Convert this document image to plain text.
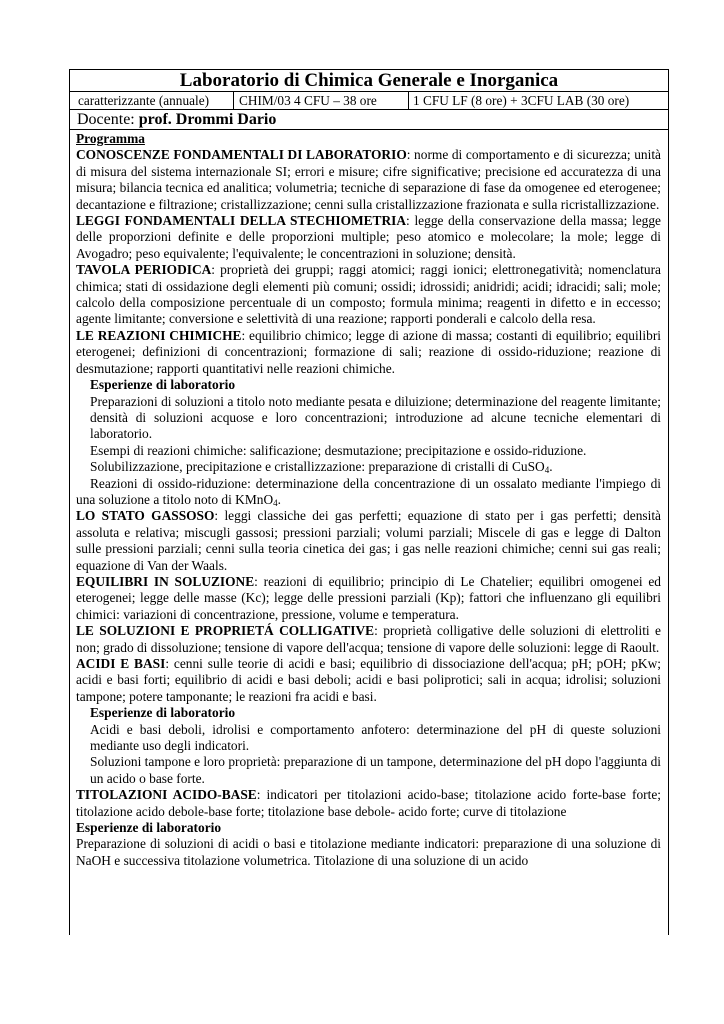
Laboratorio di Chimica Generale e Inorganica
caratterizzante (annuale)	CHIM/03 4 CFU – 38 ore	1 CFU LF (8 ore) + 3CFU LAB (30 ore)
Docente: prof. Drommi Dario

Programma

CONOSCENZE FONDAMENTALI DI LABORATORIO: norme di comportamento e di sicurezza; unità di misura del sistema internazionale SI; errori e misure; cifre significative; precisione ed accuratezza di una misura; bilancia tecnica ed analitica; volumetria; tecniche di separazione di fase da omogenee ed eterogenee; decantazione e filtrazione; cristallizzazione; cenni sulla cristallizzazione frazionata e sulla ricristallizzazione.

LEGGI FONDAMENTALI DELLA STECHIOMETRIA: legge della conservazione della massa; legge delle proporzioni definite e delle proporzioni multiple; peso atomico e molecolare; la mole; legge di Avogadro; peso equivalente; l'equivalente; le concentrazioni in soluzione; densità.

TAVOLA PERIODICA: proprietà dei gruppi; raggi atomici; raggi ionici; elettronegatività; nomenclatura chimica; stati di ossidazione degli elementi più comuni; ossidi; idrossidi; anidridi; acidi; idracidi; sali; mole; calcolo della composizione percentuale di un composto; formula minima; reagenti in difetto e in eccesso; agente limitante; conversione e selettività di una reazione; rapporti ponderali e calcolo della resa.

LE REAZIONI CHIMICHE: equilibrio chimico; legge di azione di massa; costanti di equilibrio; equilibri eterogenei; definizioni di concentrazioni; formazione di sali; reazione di ossido-riduzione; reazione di desmutazione; rapporti quantitativi nelle reazioni chimiche.

Esperienze di laboratorio

Preparazioni di soluzioni a titolo noto mediante pesata e diluizione; determinazione del reagente limitante; densità di soluzioni acquose e loro concentrazioni; introduzione ad alcune tecniche elementari di laboratorio.

Esempi di reazioni chimiche: salificazione; desmutazione; precipitazione e ossido-riduzione.

Solubilizzazione, precipitazione e cristallizzazione: preparazione di cristalli di CuSO$_4$.

Reazioni di ossido-riduzione: determinazione della concentrazione di un ossalato mediante l'impiego di una soluzione a titolo noto di KMnO$_4$.

LO STATO GASSOSO: leggi classiche dei gas perfetti; equazione di stato per i gas perfetti; densità assoluta e relativa; miscugli gassosi; pressioni parziali; volumi parziali; Miscele di gas e legge di Dalton sulle pressioni parziali; cenni sulla teoria cinetica dei gas; i gas nelle reazioni chimiche; cenni sui gas reali; equazione di Van der Waals.

EQUILIBRI IN SOLUZIONE: reazioni di equilibrio; principio di Le Chatelier; equilibri omogenei ed eterogenei; legge delle masse (Kc); legge delle pressioni parziali (Kp); fattori che influenzano gli equilibri chimici: variazioni di concentrazione, pressione, volume e temperatura.

LE SOLUZIONI E PROPRIETÁ COLLIGATIVE: proprietà colligative delle soluzioni di elettroliti e non; grado di dissoluzione; tensione di vapore dell'acqua; tensione di vapore delle soluzioni: legge di Raoult.

ACIDI E BASI: cenni sulle teorie di acidi e basi; equilibrio di dissociazione dell'acqua; pH; pOH; pKw; acidi e basi forti; equilibrio di acidi e basi deboli; acidi e basi poliprotici; sali in acqua; idrolisi; soluzioni tampone; potere tamponante; le reazioni fra acidi e basi.

Esperienze di laboratorio

Acidi e basi deboli, idrolisi e comportamento anfotero: determinazione del pH di queste soluzioni mediante uso degli indicatori.

Soluzioni tampone e loro proprietà: preparazione di un tampone, determinazione del pH dopo l'aggiunta di un acido o base forte.

TITOLAZIONI ACIDO-BASE: indicatori per titolazioni acido-base; titolazione acido forte-base forte; titolazione acido debole-base forte; titolazione base debole- acido forte; curve di titolazione

Esperienze di laboratorio

Preparazione di soluzioni di acidi o basi e titolazione mediante indicatori: preparazione di una soluzione di NaOH e successiva titolazione volumetrica. Titolazione di una soluzione di un acido
